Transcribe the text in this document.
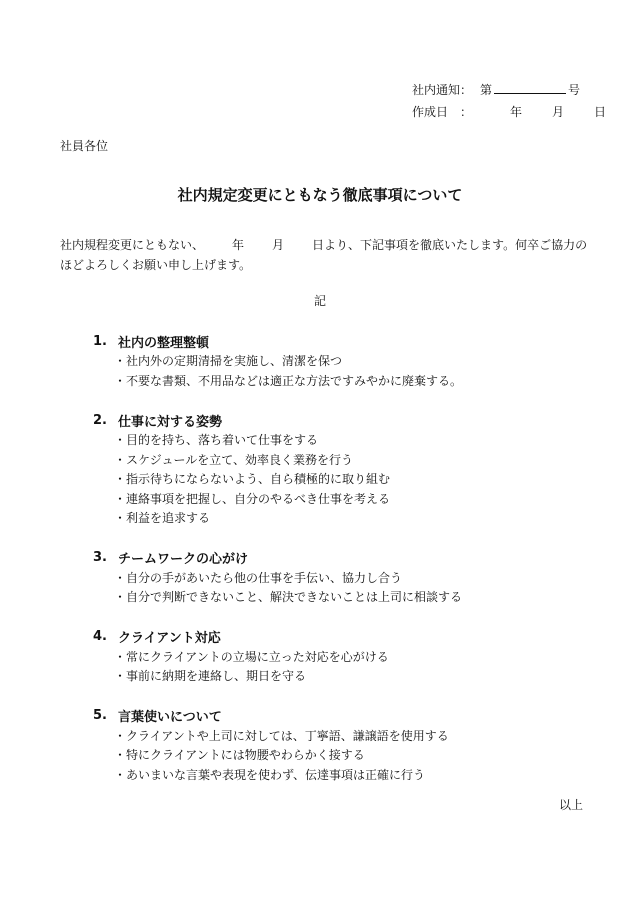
社内通知： 第	号
作成日　：	年	月	日
社員各位
社内規定変更にともなう徹底事項について
社内規程変更にともない、 年 月 日より、下記事項を徹底いたします。何卒ご協力のほどよろしくお願い申し上げます。
記
1. 社内の整理整頓
・社内外の定期清掃を実施し、清潔を保つ
・不要な書類、不用品などは適正な方法ですみやかに廃棄する。
2. 仕事に対する姿勢
・目的を持ち、落ち着いて仕事をする
・スケジュールを立て、効率良く業務を行う
・指示待ちにならないよう、自ら積極的に取り組む
・連絡事項を把握し、自分のやるべき仕事を考える
・利益を追求する
3. チームワークの心がけ
・自分の手があいたら他の仕事を手伝い、協力し合う
・自分で判断できないこと、解決できないことは上司に相談する
4. クライアント対応
・常にクライアントの立場に立った対応を心がける
・事前に納期を連絡し、期日を守る
5. 言葉使いについて
・クライアントや上司に対しては、丁寧語、謙譲語を使用する
・特にクライアントには物腰やわらかく接する
・あいまいな言葉や表現を使わず、伝達事項は正確に行う
以上
